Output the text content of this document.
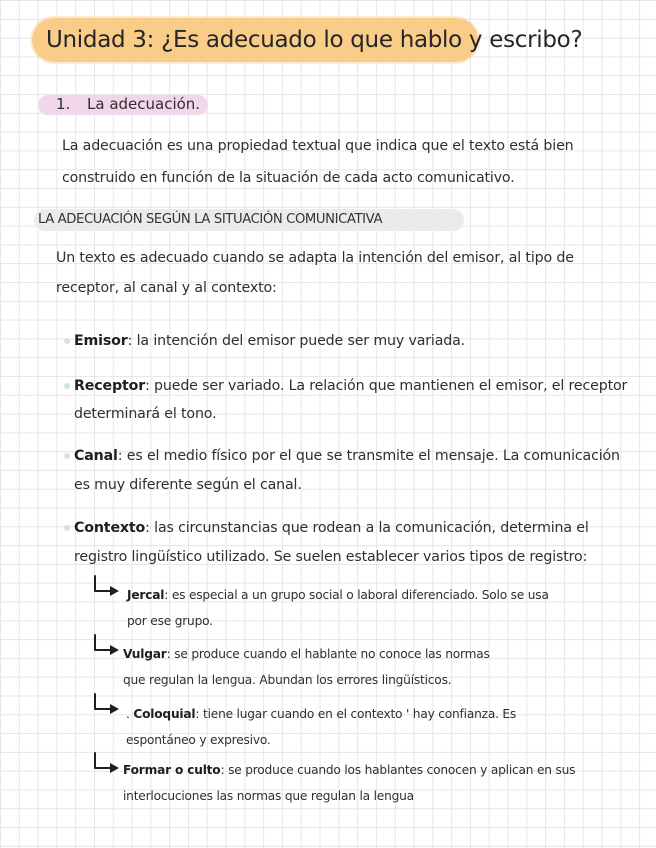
Unidad 3: ¿Es adecuado lo que hablo y escribo?
1. La adecuación.
La adecuación es una propiedad textual que indica que el texto está bien
construido en función de la situación de cada acto comunicativo.
LA ADECUACIÓN SEGÚN LA SITUACIÓN COMUNICATIVA
Un texto es adecuado cuando se adapta la intención del emisor, al tipo de
receptor, al canal y al contexto:
Emisor: la intención del emisor puede ser muy variada.
Receptor: puede ser variado. La relación que mantienen el emisor, el receptor
determinará el tono.
Canal: es el medio físico por el que se transmite el mensaje. La comunicación
es muy diferente según el canal.
Contexto: las circunstancias que rodean a la comunicación, determina el
registro lingüístico utilizado. Se suelen establecer varios tipos de registro:
Jercal: es especial a un grupo social o laboral diferenciado. Solo se usa
por ese grupo.
Vulgar: se produce cuando el hablante no conoce las normas
que regulan la lengua. Abundan los errores lingüísticos.
. Coloquial: tiene lugar cuando en el contexto ' hay confianza. Es
espontáneo y expresivo.
Formar o culto: se produce cuando los hablantes conocen y aplican en sus
interlocuciones las normas que regulan la lengua
